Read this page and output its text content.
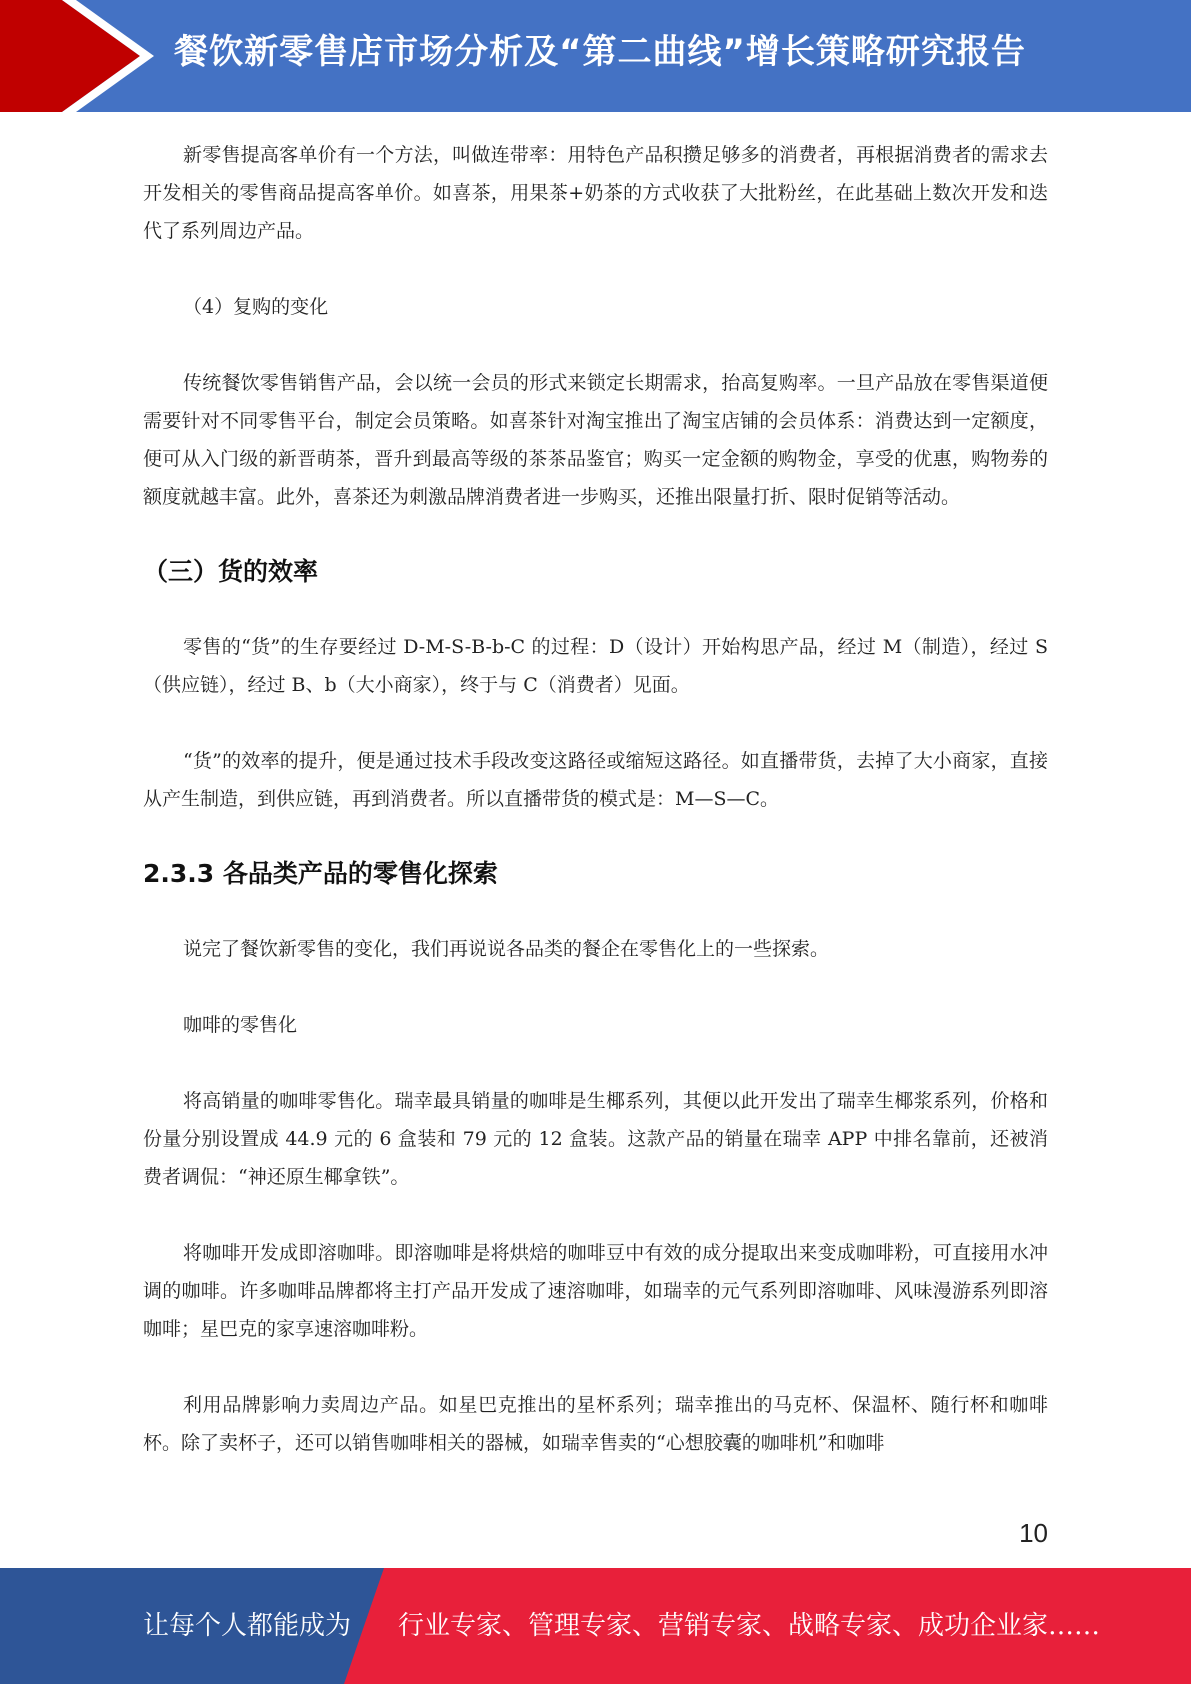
餐饮新零售店市场分析及“第二曲线”增长策略研究报告

新零售提高客单价有一个方法，叫做连带率：用特色产品积攒足够多的消费者，再根据消费者的需求去开发相关的零售商品提高客单价。如喜茶，用果茶+奶茶的方式收获了大批粉丝，在此基础上数次开发和迭代了系列周边产品。

（4）复购的变化

传统餐饮零售销售产品，会以统一会员的形式来锁定长期需求，抬高复购率。一旦产品放在零售渠道便需要针对不同零售平台，制定会员策略。如喜茶针对淘宝推出了淘宝店铺的会员体系：消费达到一定额度，便可从入门级的新晋萌茶，晋升到最高等级的茶茶品鉴官；购买一定金额的购物金，享受的优惠，购物劵的额度就越丰富。此外，喜茶还为刺激品牌消费者进一步购买，还推出限量打折、限时促销等活动。

（三）货的效率

零售的“货”的生存要经过 D-M-S-B-b-C 的过程：D（设计）开始构思产品，经过 M（制造），经过 S（供应链），经过 B、b（大小商家），终于与 C（消费者）见面。

“货”的效率的提升，便是通过技术手段改变这路径或缩短这路径。如直播带货，去掉了大小商家，直接从产生制造，到供应链，再到消费者。所以直播带货的模式是：M—S—C。

2.3.3 各品类产品的零售化探索

说完了餐饮新零售的变化，我们再说说各品类的餐企在零售化上的一些探索。

咖啡的零售化

将高销量的咖啡零售化。瑞幸最具销量的咖啡是生椰系列，其便以此开发出了瑞幸生椰浆系列，价格和份量分别设置成 44.9 元的 6 盒装和 79 元的 12 盒装。这款产品的销量在瑞幸 APP 中排名靠前，还被消费者调侃：“神还原生椰拿铁”。

将咖啡开发成即溶咖啡。即溶咖啡是将烘焙的咖啡豆中有效的成分提取出来变成咖啡粉，可直接用水冲调的咖啡。许多咖啡品牌都将主打产品开发成了速溶咖啡，如瑞幸的元气系列即溶咖啡、风味漫游系列即溶咖啡；星巴克的家享速溶咖啡粉。

利用品牌影响力卖周边产品。如星巴克推出的星杯系列；瑞幸推出的马克杯、保温杯、随行杯和咖啡杯。除了卖杯子，还可以销售咖啡相关的器械，如瑞幸售卖的“心想胶囊的咖啡机”和咖啡

10
让每个人都能成为 行业专家、管理专家、营销专家、战略专家、成功企业家……
